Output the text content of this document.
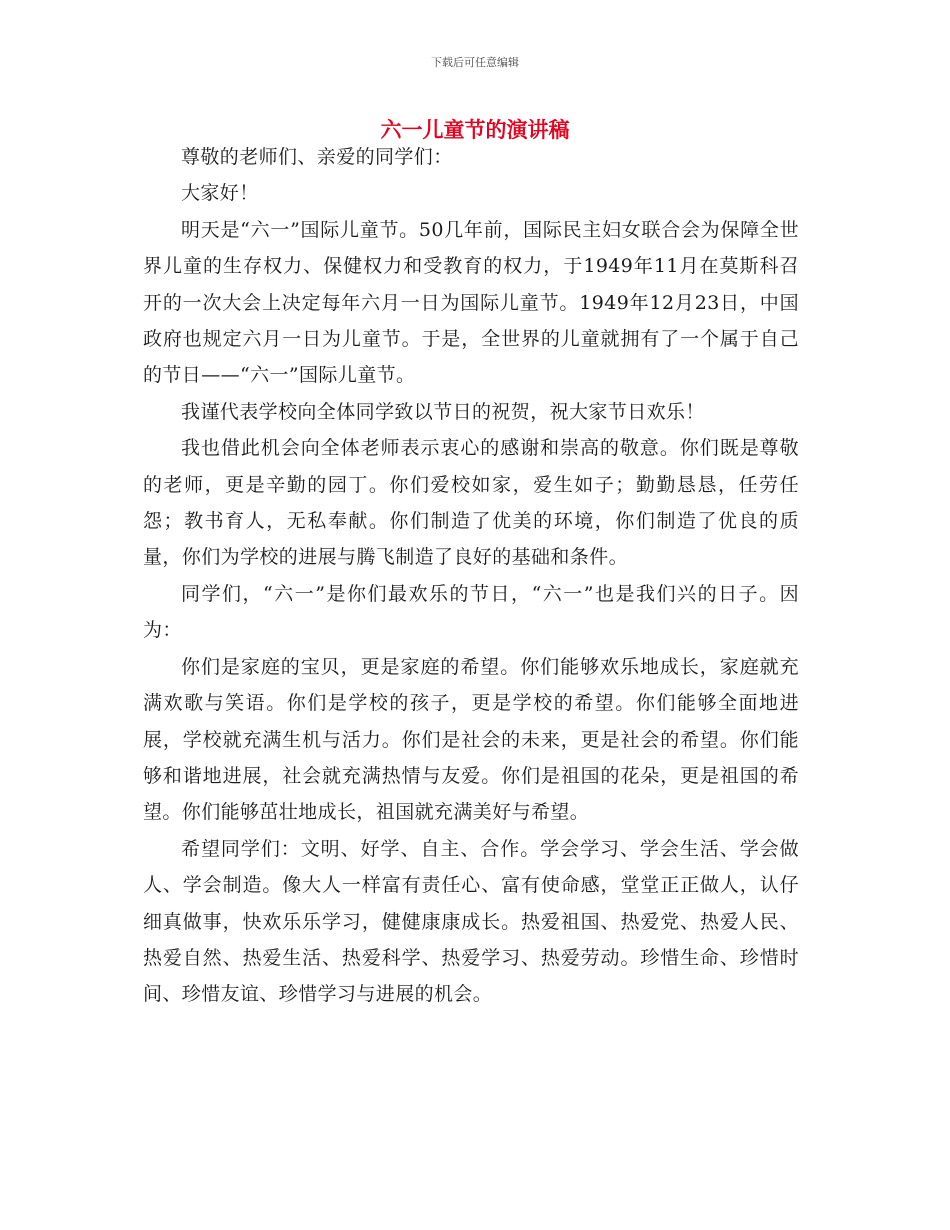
下载后可任意编辑
六一儿童节的演讲稿

尊敬的老师们、亲爱的同学们：

大家好！

明天是“六一”国际儿童节。50几年前，国际民主妇女联合会为保障全世界儿童的生存权力、保健权力和受教育的权力，于1949年11月在莫斯科召开的一次大会上决定每年六月一日为国际儿童节。1949年12月23日，中国政府也规定六月一日为儿童节。于是，全世界的儿童就拥有了一个属于自己的节日——“六一”国际儿童节。

我谨代表学校向全体同学致以节日的祝贺，祝大家节日欢乐！

我也借此机会向全体老师表示衷心的感谢和崇高的敬意。你们既是尊敬的老师，更是辛勤的园丁。你们爱校如家，爱生如子；勤勤恳恳，任劳任怨；教书育人，无私奉献。你们制造了优美的环境，你们制造了优良的质量，你们为学校的进展与腾飞制造了良好的基础和条件。

同学们，“六一”是你们最欢乐的节日，“六一”也是我们兴的日子。因为：

你们是家庭的宝贝，更是家庭的希望。你们能够欢乐地成长，家庭就充满欢歌与笑语。你们是学校的孩子，更是学校的希望。你们能够全面地进展，学校就充满生机与活力。你们是社会的未来，更是社会的希望。你们能够和谐地进展，社会就充满热情与友爱。你们是祖国的花朵，更是祖国的希望。你们能够茁壮地成长，祖国就充满美好与希望。

希望同学们：文明、好学、自主、合作。学会学习、学会生活、学会做人、学会制造。像大人一样富有责任心、富有使命感，堂堂正正做人，认仔细真做事，快欢乐乐学习，健健康康成长。热爱祖国、热爱党、热爱人民、热爱自然、热爱生活、热爱科学、热爱学习、热爱劳动。珍惜生命、珍惜时间、珍惜友谊、珍惜学习与进展的机会。
